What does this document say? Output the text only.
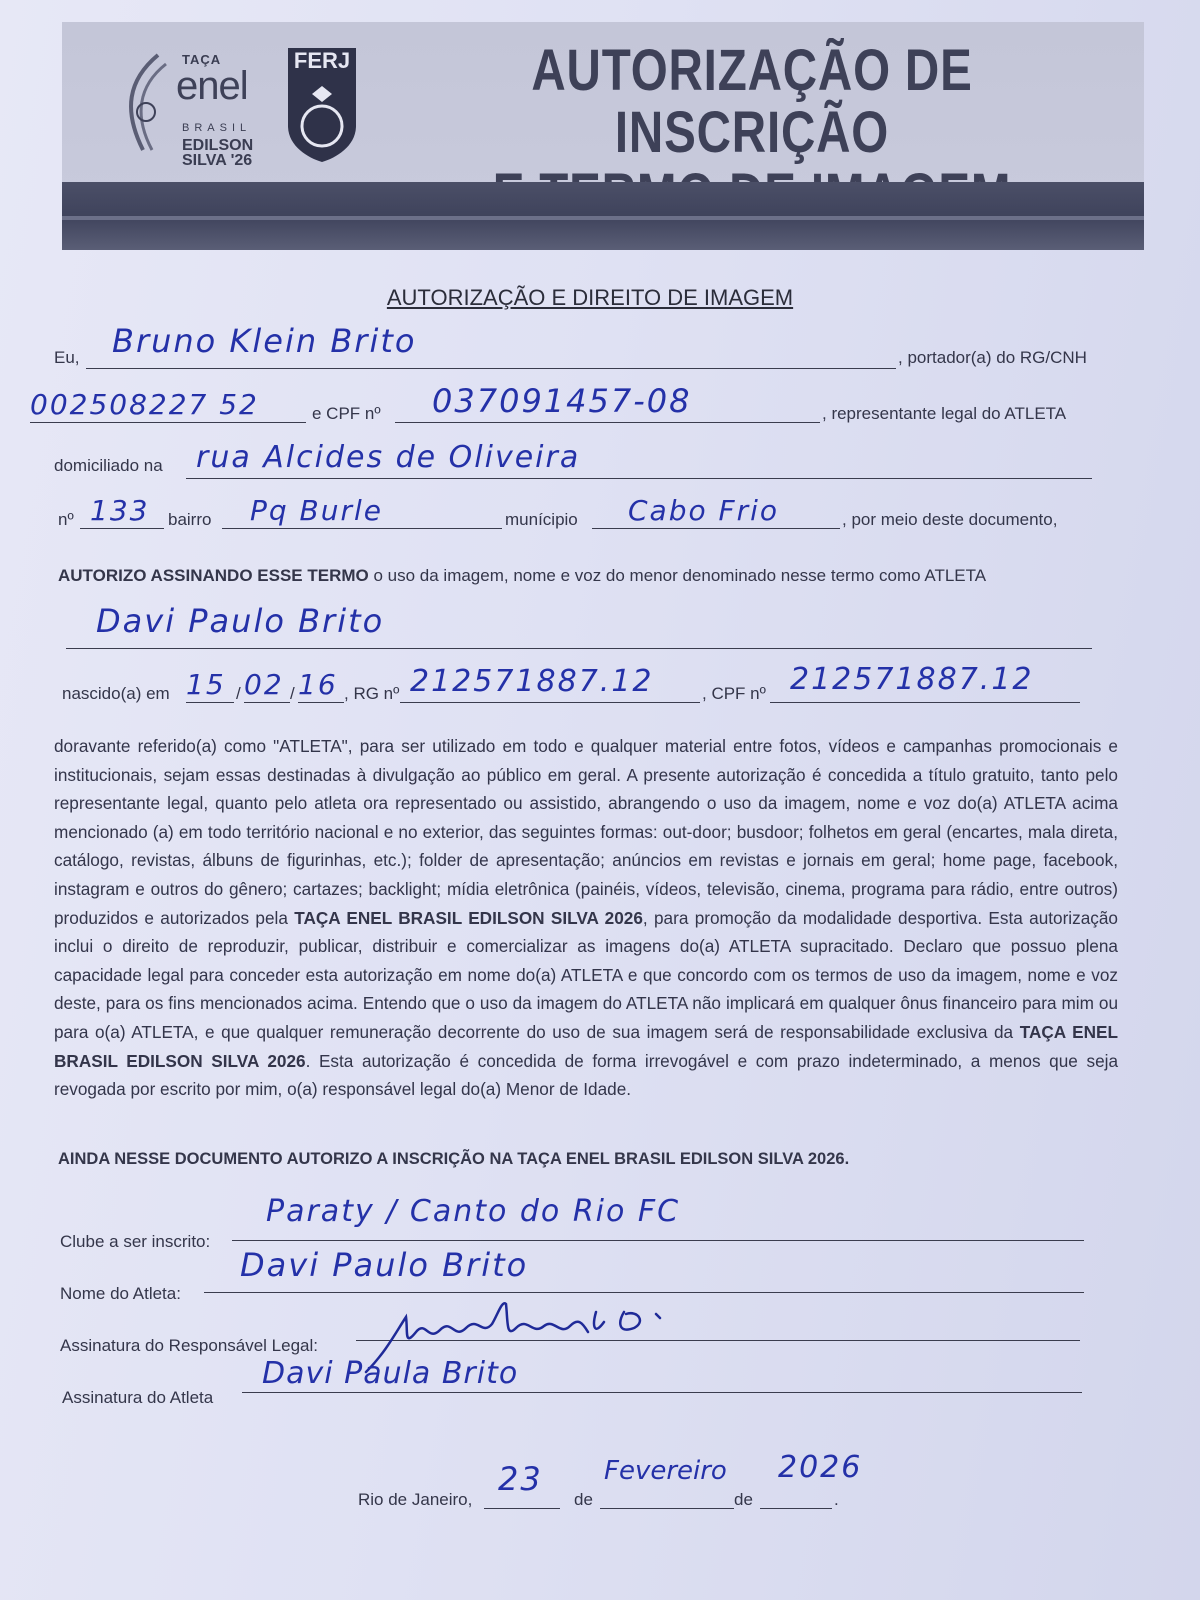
TAÇA
enel
BRASIL
EDILSON
SILVA '26
FERJ	AUTORIZAÇÃO DE INSCRIÇÃO
AUTORIZAÇÃO E DIREITO DE IMAGEM
Eu, Bruno Klein Brito	, portador(a) do RG/CNH
002508227 52	e CPF nº 037091457-08	, representante legal do ATLETA
domiciliado na rua Alcides de Oliveira
nº 133 bairro Pq Burle	munícipio Cabo Frio	, por meio deste documento,
AUTORIZO ASSINANDO ESSE TERMO o uso da imagem, nome e voz do menor denominado nesse termo como ATLETA
Davi Paulo Brito
nascido(a) em 15 / 02 / 16 , RG nº 212571887.12	, CPF nº 212571887.12
doravante referido(a) como "ATLETA", para ser utilizado em todo e qualquer material entre fotos, vídeos e campanhas promocionais e institucionais, sejam essas destinadas à divulgação ao público em geral. A presente autorização é concedida a título gratuito, tanto pelo representante legal, quanto pelo atleta ora representado ou assistido, abrangendo o uso da imagem, nome e voz do(a) ATLETA acima mencionado (a) em todo território nacional e no exterior, das seguintes formas: out-door; busdoor; folhetos em geral (encartes, mala direta, catálogo, revistas, álbuns de figurinhas, etc.); folder de apresentação; anúncios em revistas e jornais em geral; home page, facebook, instagram e outros do gênero; cartazes; backlight; mídia eletrônica (painéis, vídeos, televisão, cinema, programa para rádio, entre outros) produzidos e autorizados pela TAÇA ENEL BRASIL EDILSON SILVA 2026, para promoção da modalidade desportiva. Esta autorização inclui o direito de reproduzir, publicar, distribuir e comercializar as imagens do(a) ATLETA supracitado. Declaro que possuo plena capacidade legal para conceder esta autorização em nome do(a) ATLETA e que concordo com os termos de uso da imagem, nome e voz deste, para os fins mencionados acima. Entendo que o uso da imagem do ATLETA não implicará em qualquer ônus financeiro para mim ou para o(a) ATLETA, e que qualquer remuneração decorrente do uso de sua imagem será de responsabilidade exclusiva da TAÇA ENEL BRASIL EDILSON SILVA 2026. Esta autorização é concedida de forma irrevogável e com prazo indeterminado, a menos que seja revogada por escrito por mim, o(a) responsável legal do(a) Menor de Idade.
AINDA NESSE DOCUMENTO AUTORIZO A INSCRIÇÃO NA TAÇA ENEL BRASIL EDILSON SILVA 2026.
Clube a ser inscrito:
Paraty / Canto do Rio FC
Nome do Atleta:
Davi Paulo Brito
Assinatura do Responsável Legal:
Assinatura do Atleta
Davi Paula Brito
Rio de Janeiro,
23
de
Fevereiro
de
2026
.
